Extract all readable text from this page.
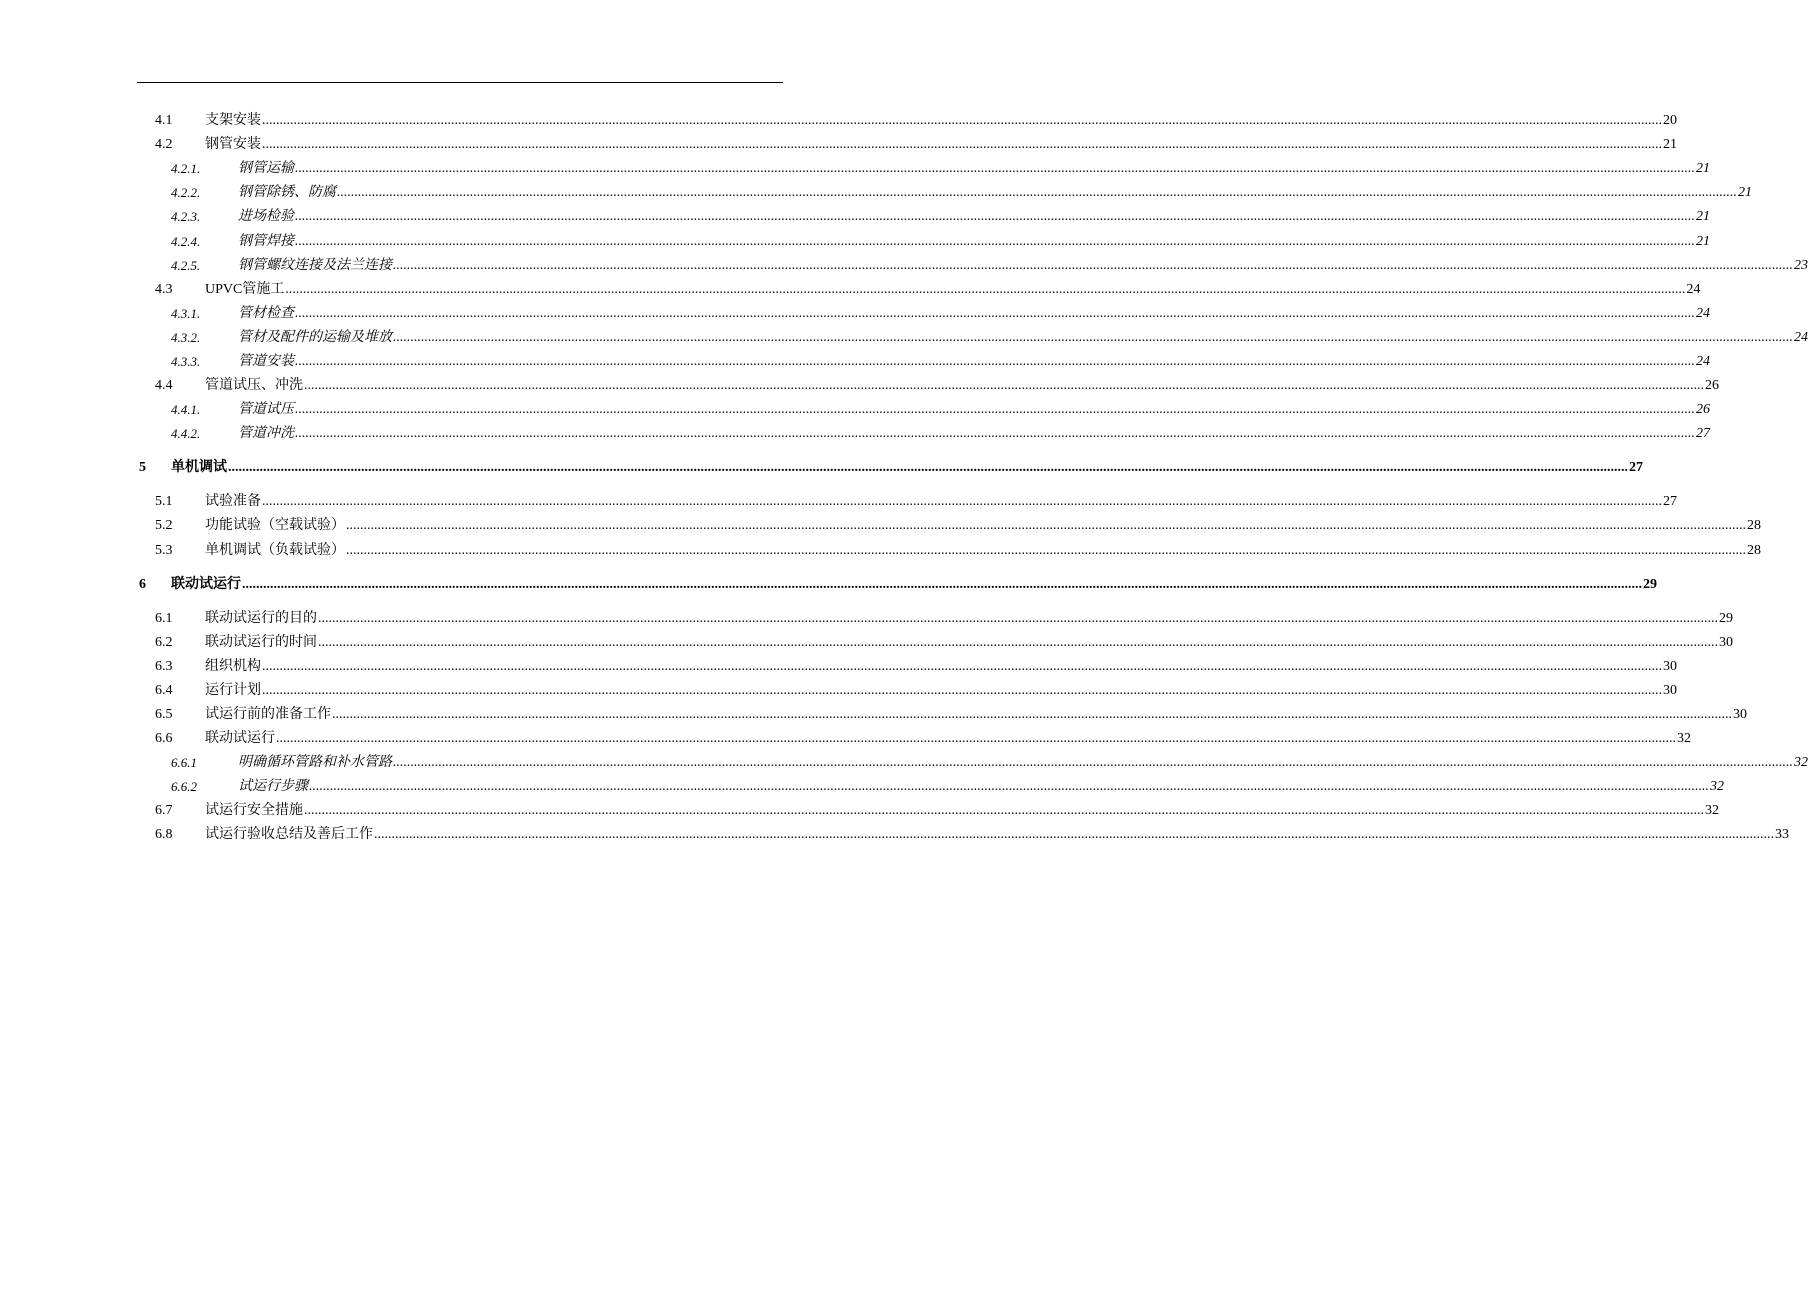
4.1 支架安装 ................................................................................................................................................................................................................................................................................................................................................................................................................ 20
4.2 钢管安装 ................................................................................................................................................................................................................................................................................................................................................................................................................ 21
4.2.1.	钢管运输 ................................................................................................................................................................................................................................................................................................................................................................................................................ 21
4.2.2.	钢管除锈、防腐 ................................................................................................................................................................................................................................................................................................................................................................................................................ 21
4.2.3.	进场检验 ................................................................................................................................................................................................................................................................................................................................................................................................................ 21
4.2.4.	钢管焊接 ................................................................................................................................................................................................................................................................................................................................................................................................................ 21
4.2.5.	钢管螺纹连接及法兰连接 ................................................................................................................................................................................................................................................................................................................................................................................................................ 23
4.3 UPVC管施工 ................................................................................................................................................................................................................................................................................................................................................................................................................ 24
4.3.1.	管材检查 ................................................................................................................................................................................................................................................................................................................................................................................................................ 24
4.3.2.	管材及配件的运输及堆放 ................................................................................................................................................................................................................................................................................................................................................................................................................ 24
4.3.3.	管道安装 ................................................................................................................................................................................................................................................................................................................................................................................................................ 24
4.4 管道试压、冲洗 ................................................................................................................................................................................................................................................................................................................................................................................................................ 26
4.4.1.	管道试压 ................................................................................................................................................................................................................................................................................................................................................................................................................ 26
4.4.2.	管道冲洗 ................................................................................................................................................................................................................................................................................................................................................................................................................ 27
5 单机调试 ................................................................................................................................................................................................................................................................................................................................................................................................................ 27
5.1 试验准备 ................................................................................................................................................................................................................................................................................................................................................................................................................ 27
5.2 功能试验（空载试验） ................................................................................................................................................................................................................................................................................................................................................................................................................ 28
5.3 单机调试（负载试验） ................................................................................................................................................................................................................................................................................................................................................................................................................ 28
6 联动试运行 ................................................................................................................................................................................................................................................................................................................................................................................................................ 29
6.1 联动试运行的目的 ................................................................................................................................................................................................................................................................................................................................................................................................................ 29
6.2 联动试运行的时间 ................................................................................................................................................................................................................................................................................................................................................................................................................ 30
6.3 组织机构 ................................................................................................................................................................................................................................................................................................................................................................................................................ 30
6.4 运行计划 ................................................................................................................................................................................................................................................................................................................................................................................................................ 30
6.5 试运行前的准备工作 ................................................................................................................................................................................................................................................................................................................................................................................................................ 30
6.6 联动试运行 ................................................................................................................................................................................................................................................................................................................................................................................................................ 32
6.6.1	明确循环管路和补水管路 ................................................................................................................................................................................................................................................................................................................................................................................................................ 32
6.6.2	试运行步骤 ................................................................................................................................................................................................................................................................................................................................................................................................................ 32
6.7 试运行安全措施 ................................................................................................................................................................................................................................................................................................................................................................................................................ 32
6.8 试运行验收总结及善后工作 ................................................................................................................................................................................................................................................................................................................................................................................................................ 33
